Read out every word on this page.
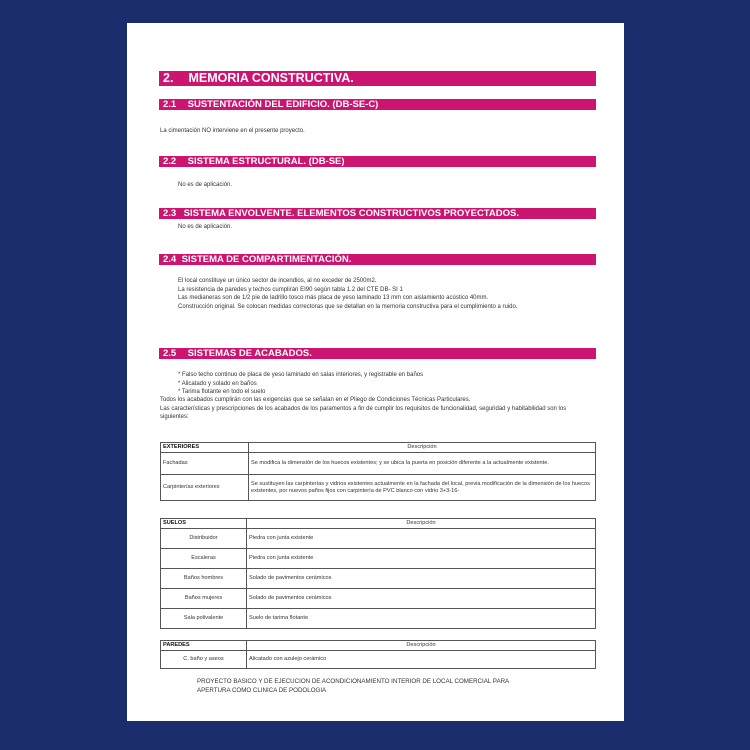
2. MEMORIA CONSTRUCTIVA.
2.1 SUSTENTACIÓN DEL EDIFICIO. (DB-SE-C)
La cimentación NO interviene en el presente proyecto.
2.2 SISTEMA ESTRUCTURAL. (DB-SE)
No es de aplicación.
2.3 SISTEMA ENVOLVENTE. ELEMENTOS CONSTRUCTIVOS PROYECTADOS.
No es de aplicación.
2.4 SISTEMA DE COMPARTIMENTACIÓN.
El local constituye un único sector de incendios, al no exceder de 2500m2.
La resistencia de paredes y techos cumplirán EI90 según tabla 1.2 del CTE DB- SI 1
Las medianeras son de 1/2 pie de ladrillo tosco más placa de yeso laminado 13 mm con aislamiento acústico 40mm.
Construcción original. Se colocan medidas correctoras que se detallan en la memoria constructiva para el cumplimiento a ruido.
2.5 SISTEMAS DE ACABADOS.
* Falso techo continuo de placa de yeso laminado en salas interiores, y registrable en baños
* Alicatado y solado en baños
* Tarima flotante en todo el suelo
Todos los acabados cumplirán con las exigencias que se señalan en el Pliego de Condiciones Técnicas Particulares.
Las características y prescripciones de los acabados de los paramentos a fin de cumplir los requisitos de funcionalidad, seguridad y habitabilidad son los siguientes:
EXTERIORES	Descripción
Fachadas	Se modifica la dimensión de los huecos existentes; y se ubica la puerta en posición diferente a la actualmente existente.
Carpinterías exteriores	Se sustituyen las carpinterías y vidrios existentes actualmente en la fachada del local, previa modificación de la dimensión de los huecos existentes, por nuevos paños fijos con carpintería de PVC blanco con vidrio 3+3-16-
SUELOS	Descripción
Distribuidor	Piedra con junta existente
Escaleras	Piedra con junta existente
Baños hombres	Solado de pavimentos cerámicos
Baños mujeres	Solado de pavimentos cerámicos
Sala polivalente	Suelo de tarima flotante
PAREDES	Descripción
C. baño y aseos	Alicatado con azulejo cerámico
PROYECTO BASICO Y DE EJECUCION DE ACONDICIONAMIENTO INTERIOR DE LOCAL COMERCIAL PARA
APERTURA COMO CLINICA DE PODOLOGIA
